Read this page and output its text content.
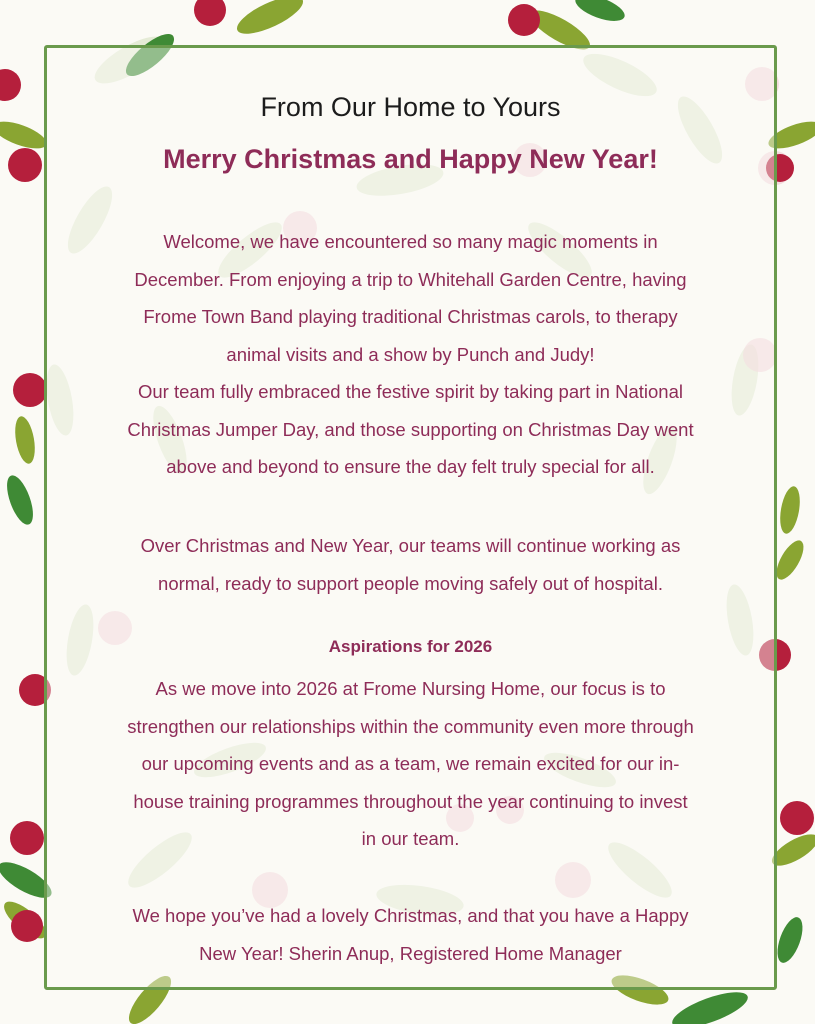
From Our Home to Yours
Merry Christmas and Happy New Year!

Welcome, we have encountered so many magic moments in
December. From enjoying a trip to Whitehall Garden Centre, having
Frome Town Band playing traditional Christmas carols, to therapy
animal visits and a show by Punch and Judy!
Our team fully embraced the festive spirit by taking part in National
Christmas Jumper Day, and those supporting on Christmas Day went
above and beyond to ensure the day felt truly special for all.

Over Christmas and New Year, our teams will continue working as
normal, ready to support people moving safely out of hospital.

Aspirations for 2026

As we move into 2026 at Frome Nursing Home, our focus is to
strengthen our relationships within the community even more through
our upcoming events and as a team, we remain excited for our in-
house training programmes throughout the year continuing to invest
in our team.

We hope you’ve had a lovely Christmas, and that you have a Happy
New Year! Sherin Anup, Registered Home Manager
